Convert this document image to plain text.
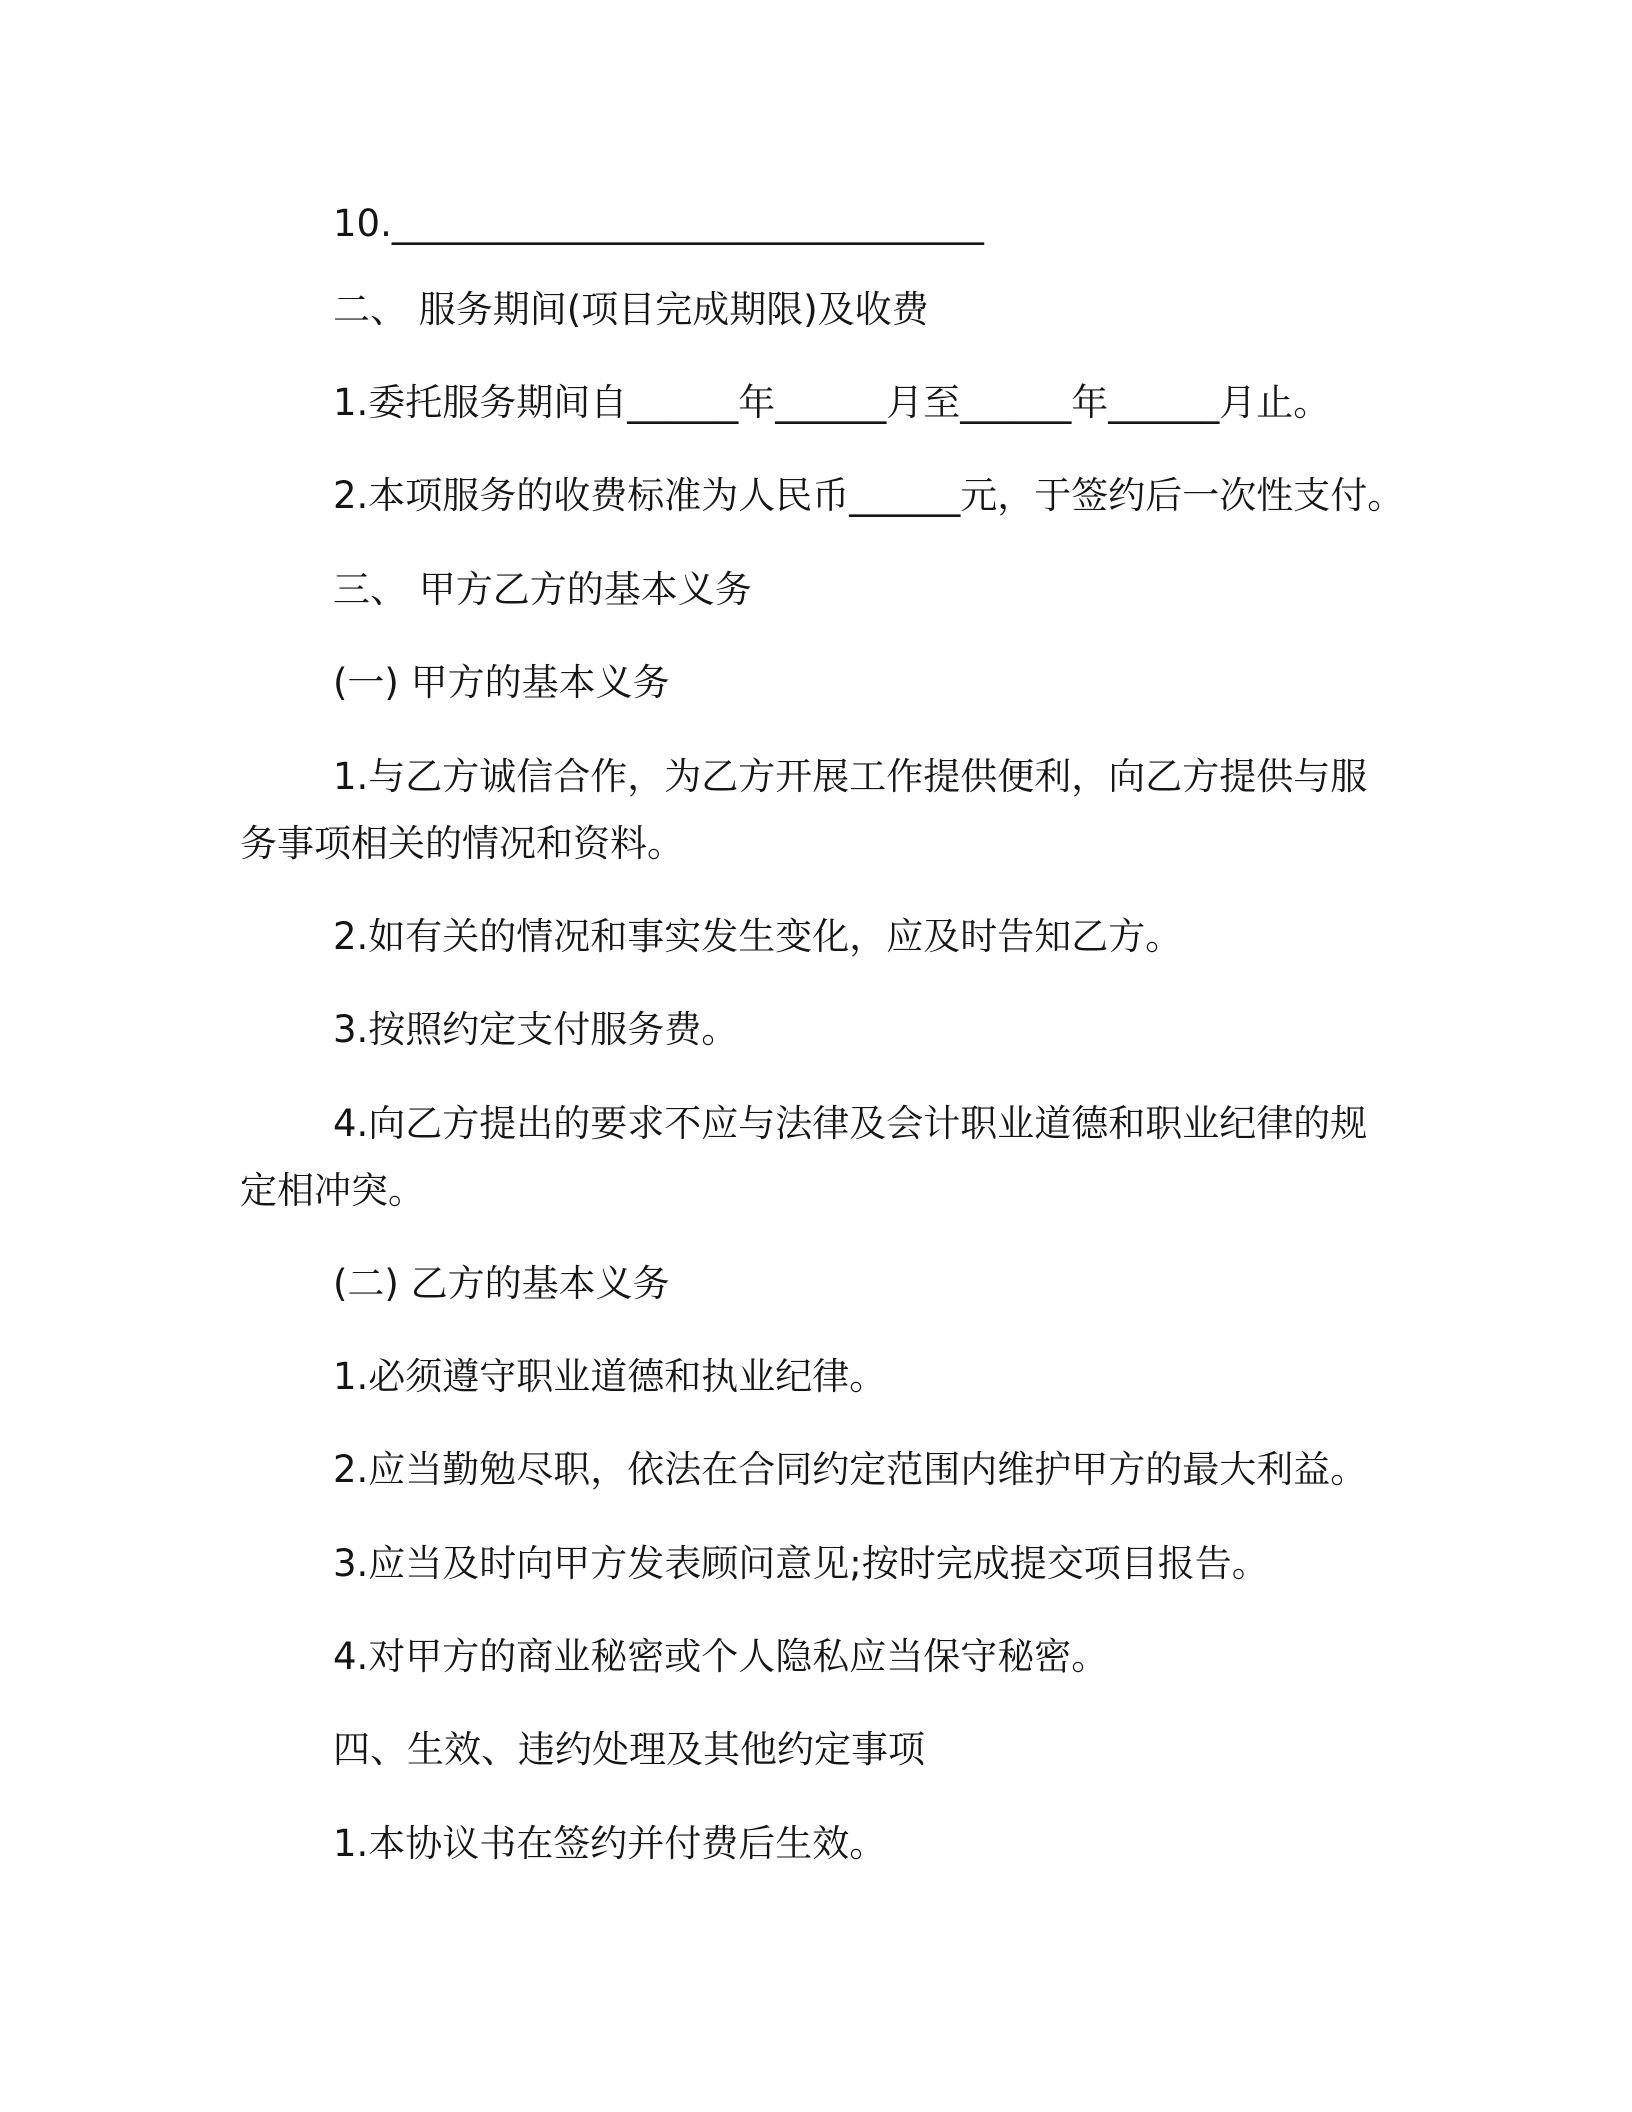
10.________________________________
二、 服务期间(项目完成期限)及收费
1.委托服务期间自______年______月至______年______月止。
2.本项服务的收费标准为人民币______元，于签约后一次性支付。
三、 甲方乙方的基本义务
(一) 甲方的基本义务
1.与乙方诚信合作，为乙方开展工作提供便利，向乙方提供与服务事项相关的情况和资料。
2.如有关的情况和事实发生变化，应及时告知乙方。
3.按照约定支付服务费。
4.向乙方提出的要求不应与法律及会计职业道德和职业纪律的规定相冲突。
(二) 乙方的基本义务
1.必须遵守职业道德和执业纪律。
2.应当勤勉尽职，依法在合同约定范围内维护甲方的最大利益。
3.应当及时向甲方发表顾问意见;按时完成提交项目报告。
4.对甲方的商业秘密或个人隐私应当保守秘密。
四、生效、违约处理及其他约定事项
1.本协议书在签约并付费后生效。
